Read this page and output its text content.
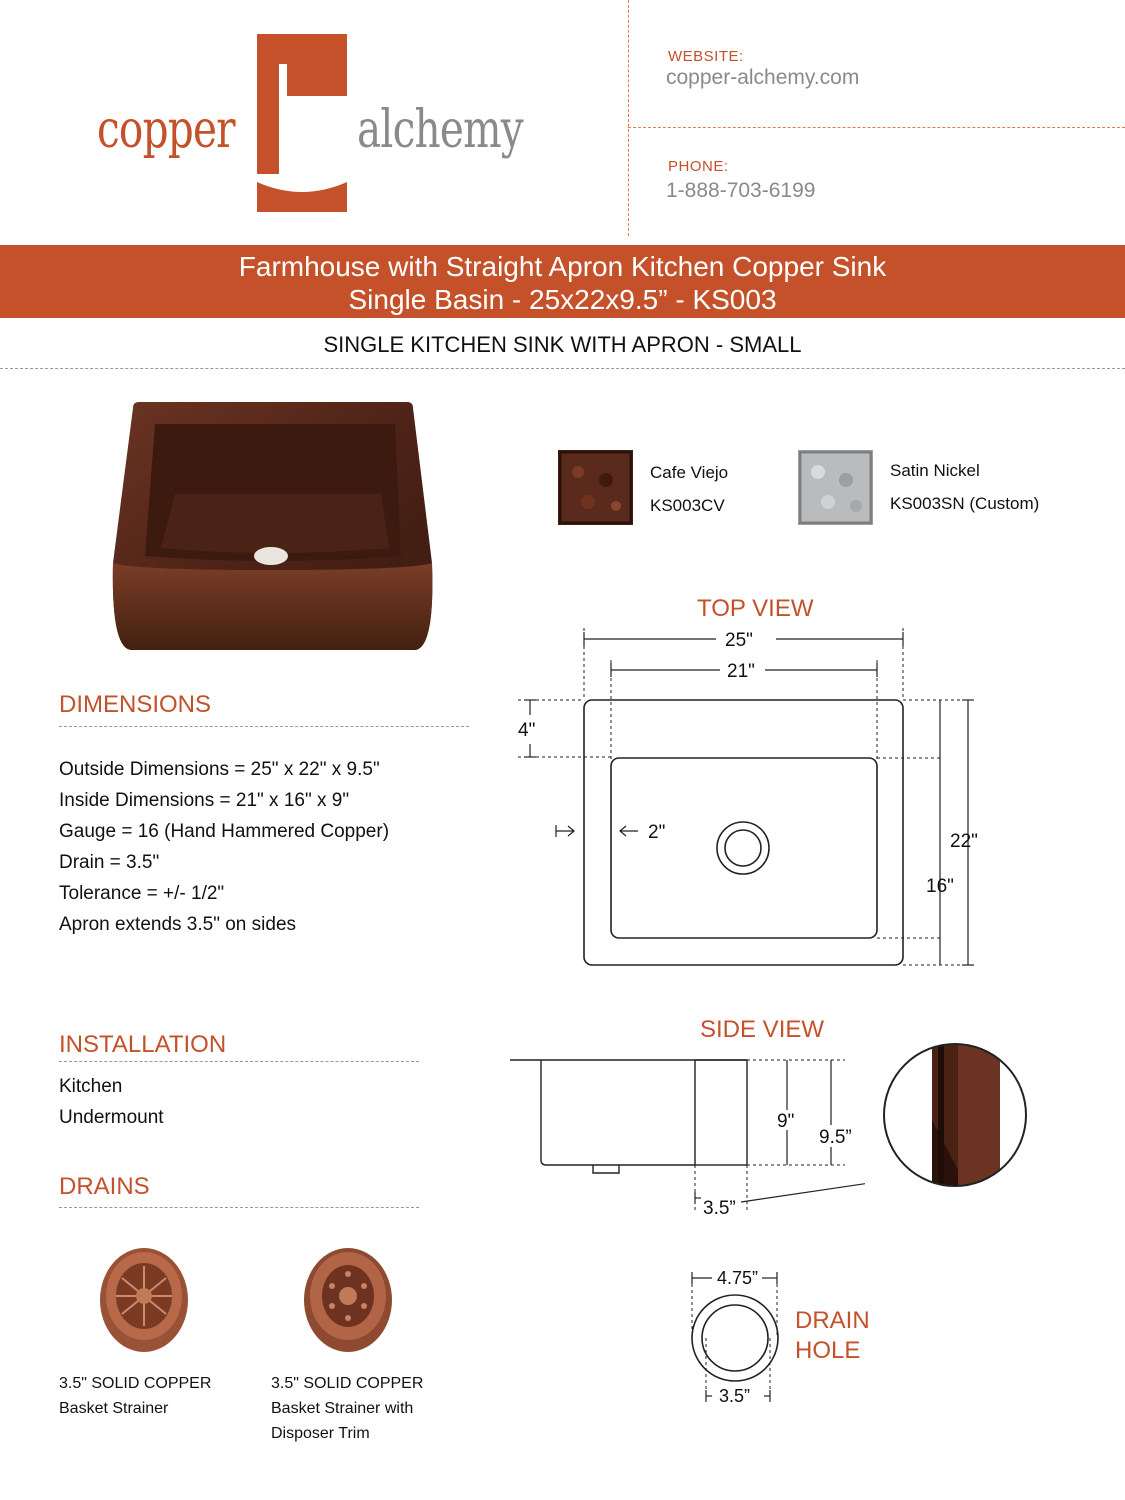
copper alchemy
WEBSITE:
copper-alchemy.com
PHONE:
1-888-703-6199
Farmhouse with Straight Apron Kitchen Copper Sink
Single Basin - 25x22x9.5” - KS003
SINGLE KITCHEN SINK WITH APRON - SMALL
Cafe Viejo
KS003CV
Satin Nickel
KS003SN (Custom)
DIMENSIONS
Outside Dimensions = 25" x 22" x 9.5"
Inside Dimensions = 21" x 16" x 9"
Gauge = 16 (Hand Hammered Copper)
Drain = 3.5"
Tolerance = +/- 1/2"
Apron extends 3.5" on sides
INSTALLATION
Kitchen
Undermount
DRAINS
3.5" SOLID COPPER
Basket Strainer
3.5" SOLID COPPER
Basket Strainer with
Disposer Trim
TOP VIEW
25"
21"
4"
2"	22"
16"
SIDE VIEW
9"
9.5”
3.5”
4.75”
3.5”
DRAIN
HOLE
